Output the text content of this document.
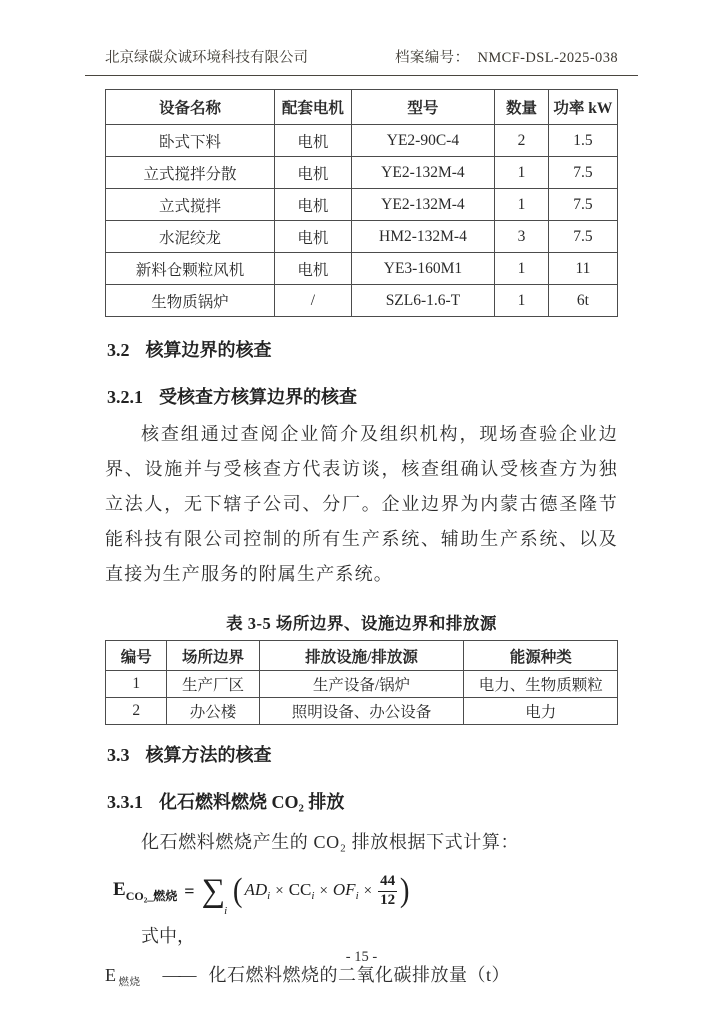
北京绿碳众诚环境科技有限公司	档案编号： NMCF-DSL-2025-038
设备名称	配套电机	型号	数量	功率 kW
卧式下料	电机	YE2-90C-4	2	1.5
立式搅拌分散	电机	YE2-132M-4	1	7.5
立式搅拌	电机	YE2-132M-4	1	7.5
水泥绞龙	电机	HM2-132M-4	3	7.5
新料仓颗粒风机	电机	YE3-160M1	1	11
生物质锅炉	/	SZL6-1.6-T	1	6t
3.2 核算边界的核查
3.2.1 受核查方核算边界的核查

核查组通过查阅企业简介及组织机构，现场查验企业边界、设施并与受核查方代表访谈，核查组确认受核查方为独立法人，无下辖子公司、分厂。企业边界为内蒙古德圣隆节能科技有限公司控制的所有生产系统、辅助生产系统、以及直接为生产服务的附属生产系统。

表 3-5 场所边界、设施边界和排放源
编号	场所边界	排放设施/排放源	能源种类
1	生产厂区	生产设备/锅炉	电力、生物质颗粒
2	办公楼	照明设备、办公设备	电力
3.3 核算方法的核查
3.3.1 化石燃料燃烧 CO₂ 排放

化石燃料燃烧产生的 CO₂ 排放根据下式计算：

$E_{CO_2\_燃烧} = \sum_i$
( $AD_i \times CC_i \times OF_i \times \frac{44}{12}$ )

式中，

E $_{燃烧}$ —— 化石燃料燃烧的二氧化碳排放量（t）
- 15 -
